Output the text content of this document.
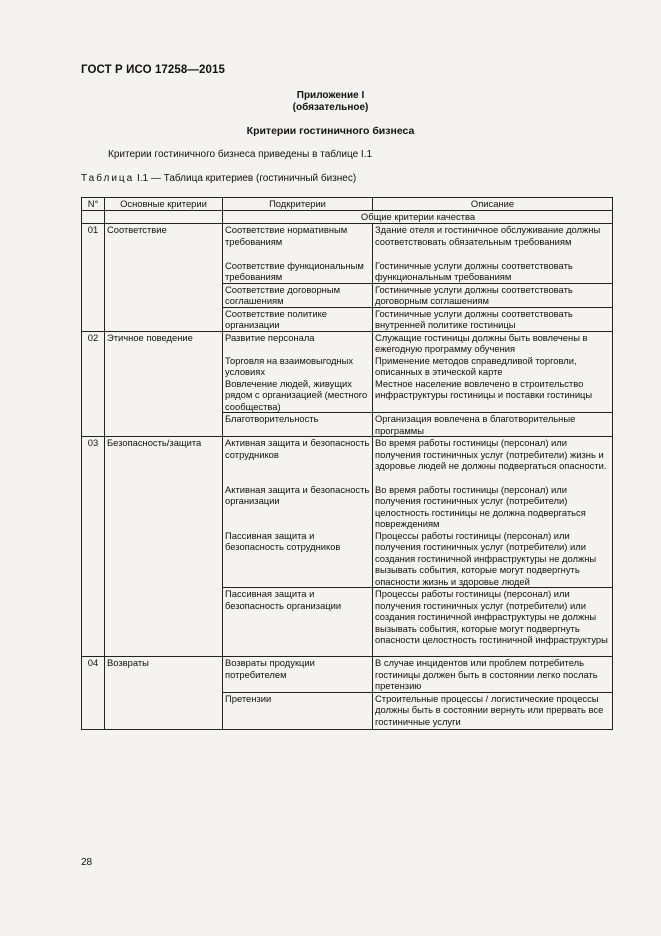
ГОСТ Р ИСО 17258—2015
Приложение I
(обязательное)
Критерии гостиничного бизнеса
Критерии гостиничного бизнеса приведены в таблице I.1
Таблица I.1 — Таблица критериев (гостиничный бизнес)
N°	Основные критерии	Подкритерии	Описание
		Общие критерии качества	
01	Соответствие	Соответствие нормативным требованиям	Здание отеля и гостиничное обслуживание должны соответствовать обязательным требованиям
		Соответствие функциональным требованиям	Гостиничные услуги должны соответствовать функциональным требованиям
		Соответствие договорным соглашениям	Гостиничные услуги должны соответствовать договорным соглашениям
		Соответствие политике организации	Гостиничные услуги должны соответствовать внутренней политике гостиницы
02	Этичное поведение	Развитие персонала	Служащие гостиницы должны быть вовлечены в ежегодную программу обучения
		Торговля на взаимовыгодных условиях	Применение методов справедливой торговли, описанных в этической карте
		Вовлечение людей, живущих рядом с организацией (местного сообщества)	Местное население вовлечено в строительство инфраструктуры гостиницы и поставки гостиницы
		Благотворительность	Организация вовлечена в благотворительные программы
03	Безопасность/защита	Активная защита и безопасность сотрудников	Во время работы гостиницы (персонал) или получения гостиничных услуг (потребители) жизнь и здоровье людей не должны подвергаться опасности.
		Активная защита и безопасность организации	Во время работы гостиницы (персонал) или получения гостиничных услуг (потребители) целостность гостиницы не должна подвергаться повреждениям
		Пассивная защита и безопасность сотрудников	Процессы работы гостиницы (персонал) или получения гостиничных услуг (потребители) или создания гостиничной инфраструктуры не должны вызывать события, которые могут подвергнуть опасности жизнь и здоровье людей
		Пассивная защита и безопасность организации	Процессы работы гостиницы (персонал) или получения гостиничных услуг (потребители) или создания гостиничной инфраструктуры не должны вызывать события, которые могут подвергнуть опасности целостность гостиничной инфраструктуры
04	Возвраты	Возвраты продукции потребителем	В случае инцидентов или проблем потребитель гостиницы должен быть в состоянии легко послать претензию
		Претензии	Строительные процессы / логистические процессы должны быть в состоянии вернуть или прервать все гостиничные услуги
28
